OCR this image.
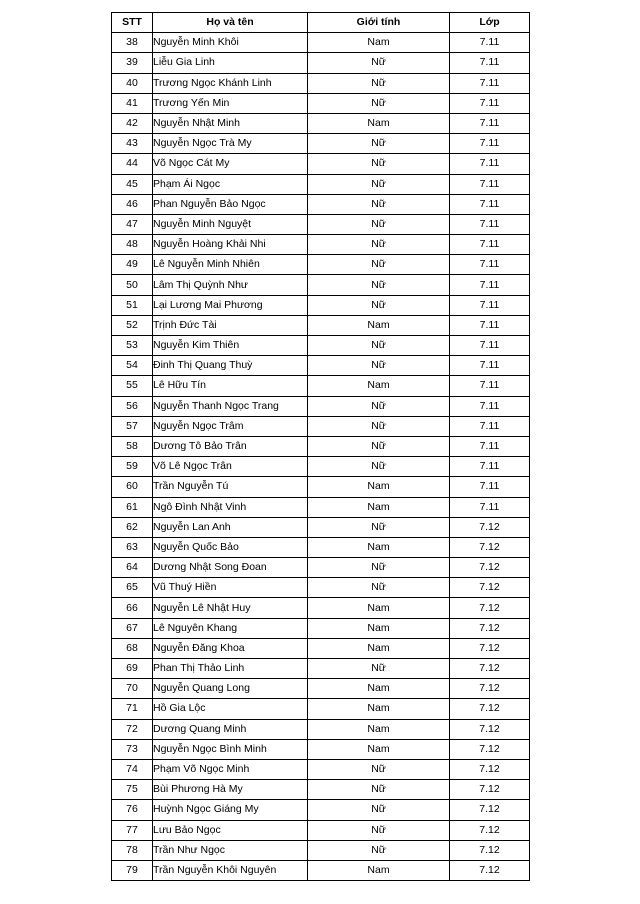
STT	Họ và tên	Giới tính	Lớp
38	Nguyễn Minh Khôi	Nam	7.11
39	Liễu Gia Linh	Nữ	7.11
40	Trương Ngọc Khánh Linh	Nữ	7.11
41	Trương Yến Min	Nữ	7.11
42	Nguyễn Nhật Minh	Nam	7.11
43	Nguyễn Ngọc Trà My	Nữ	7.11
44	Võ Ngọc Cát My	Nữ	7.11
45	Phạm Ái Ngọc	Nữ	7.11
46	Phan Nguyễn Bảo Ngọc	Nữ	7.11
47	Nguyễn Minh Nguyệt	Nữ	7.11
48	Nguyễn Hoàng Khải Nhi	Nữ	7.11
49	Lê Nguyễn Minh Nhiên	Nữ	7.11
50	Lâm Thị Quỳnh Như	Nữ	7.11
51	Lại Lương Mai Phương	Nữ	7.11
52	Trịnh Đức Tài	Nam	7.11
53	Nguyễn Kim Thiên	Nữ	7.11
54	Đinh Thị Quang Thuỳ	Nữ	7.11
55	Lê Hữu Tín	Nam	7.11
56	Nguyễn Thanh Ngọc Trang	Nữ	7.11
57	Nguyễn Ngọc Trâm	Nữ	7.11
58	Dương Tô Bảo Trân	Nữ	7.11
59	Võ Lê Ngọc Trân	Nữ	7.11
60	Trần Nguyễn Tú	Nam	7.11
61	Ngô Đình Nhật Vinh	Nam	7.11
62	Nguyễn Lan Anh	Nữ	7.12
63	Nguyễn Quốc Bảo	Nam	7.12
64	Dương Nhật Song Đoan	Nữ	7.12
65	Vũ Thuý Hiền	Nữ	7.12
66	Nguyễn Lê Nhật Huy	Nam	7.12
67	Lê Nguyên Khang	Nam	7.12
68	Nguyễn Đăng Khoa	Nam	7.12
69	Phan Thị Thảo Linh	Nữ	7.12
70	Nguyễn Quang Long	Nam	7.12
71	Hồ Gia Lộc	Nam	7.12
72	Dương Quang Minh	Nam	7.12
73	Nguyễn Ngọc Bình Minh	Nam	7.12
74	Phạm Võ Ngọc Minh	Nữ	7.12
75	Bùi Phương Hà My	Nữ	7.12
76	Huỳnh Ngọc Giáng My	Nữ	7.12
77	Lưu Bảo Ngọc	Nữ	7.12
78	Trần Như Ngọc	Nữ	7.12
79	Trần Nguyễn Khôi Nguyên	Nam	7.12
